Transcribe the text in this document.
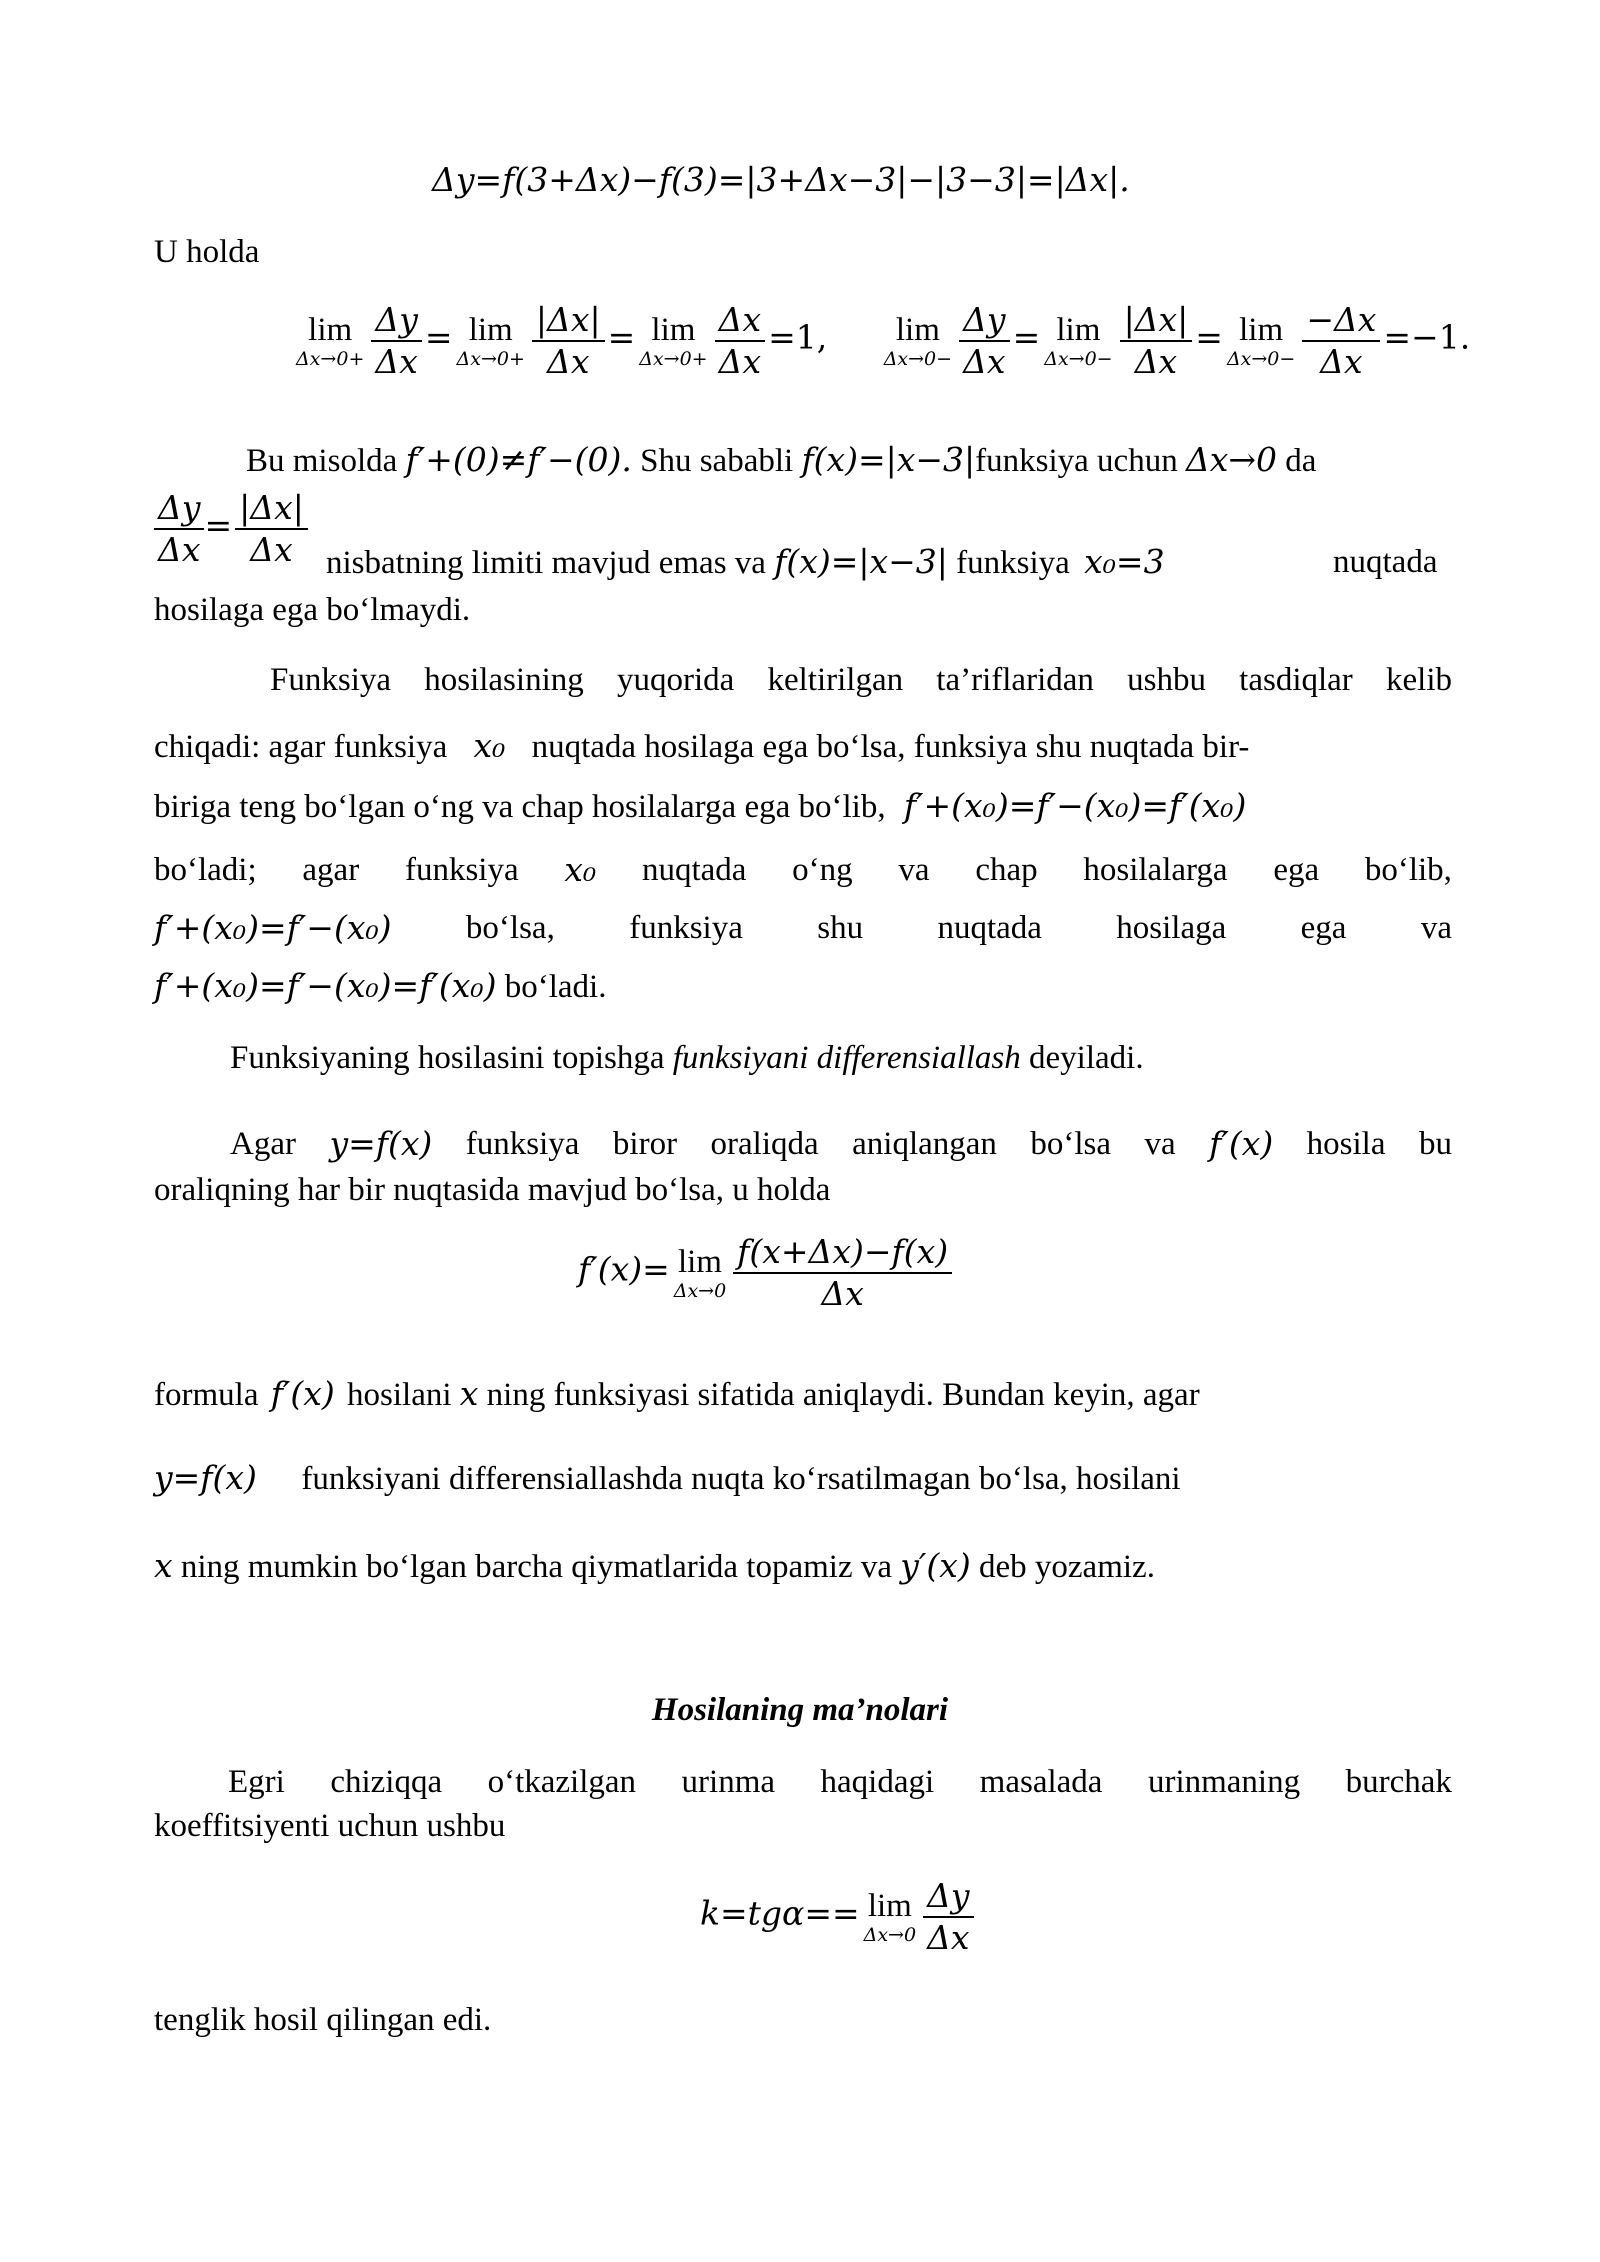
Δy=f(3+Δx)−f(3)=|3+Δx−3|−|3−3|=|Δx|.
U holda
lim
$\Delta x\to 0+ \frac{\Delta y}{\Delta x} = \lim$
$\Delta x\to 0+ \frac{|\Delta x|}{\Delta x} = \lim$
$\Delta x\to 0+ \frac{\Delta x}{\Delta x} =1$,	lim
$\Delta x\to 0- \frac{\Delta y}{\Delta x} = \lim$
$\Delta x\to 0- \frac{|\Delta x|}{\Delta x} = \lim$
$\Delta x\to 0- \frac{-\Delta x}{\Delta x} =-1$.
Bu misolda f′+(0)≠f′−(0). Shu sababli f(x)=|x−3|funksiya uchun Δx→0 da
$\frac{\Delta y}{\Delta x} = \frac{|\Delta x|}{\Delta x}$ nisbatning limiti mavjud emas va f(x)=|x−3| funksiya x₀=3	nuqtada
hosilaga ega bo‘lmaydi.
Funksiya hosilasining yuqorida keltirilgan ta’riflaridan ushbu tasdiqlar kelib
chiqadi: agar funksiya x₀ nuqtada hosilaga ega bo‘lsa, funksiya shu nuqtada bir-
biriga teng bo‘lgan o‘ng va chap hosilalarga ega bo‘lib, f′+(x₀)=f′−(x₀)=f′(x₀)
bo‘ladi; agar funksiya x₀ nuqtada o‘ng va chap hosilalarga ega bo‘lib,
f′+(x₀)=f′−(x₀) bo‘lsa, funksiya shu nuqtada hosilaga ega va
f′+(x₀)=f′−(x₀)=f′(x₀) bo‘ladi.
Funksiyaning hosilasini topishga funksiyani differensiallash deyiladi.
Agar y=f(x) funksiya biror oraliqda aniqlangan bo‘lsa va f′(x) hosila bu
oraliqning har bir nuqtasida mavjud bo‘lsa, u holda
f′(x)= lim
$\Delta x\to 0 \frac{f(x+\Delta x)-f(x)}{\Delta x}$
formula f′(x) hosilani x ning funksiyasi sifatida aniqlaydi. Bundan keyin, agar
y=f(x) funksiyani differensiallashda nuqta ko‘rsatilmagan bo‘lsa, hosilani
x ning mumkin bo‘lgan barcha qiymatlarida topamiz va y′(x) deb yozamiz.
Hosilaning ma’nolari
Egri chiziqqa o‘tkazilgan urinma haqidagi masalada urinmaning burchak
koeffitsiyenti uchun ushbu
k=tgα== lim
$\Delta x\to 0 \frac{\Delta y}{\Delta x}$
tenglik hosil qilingan edi.
